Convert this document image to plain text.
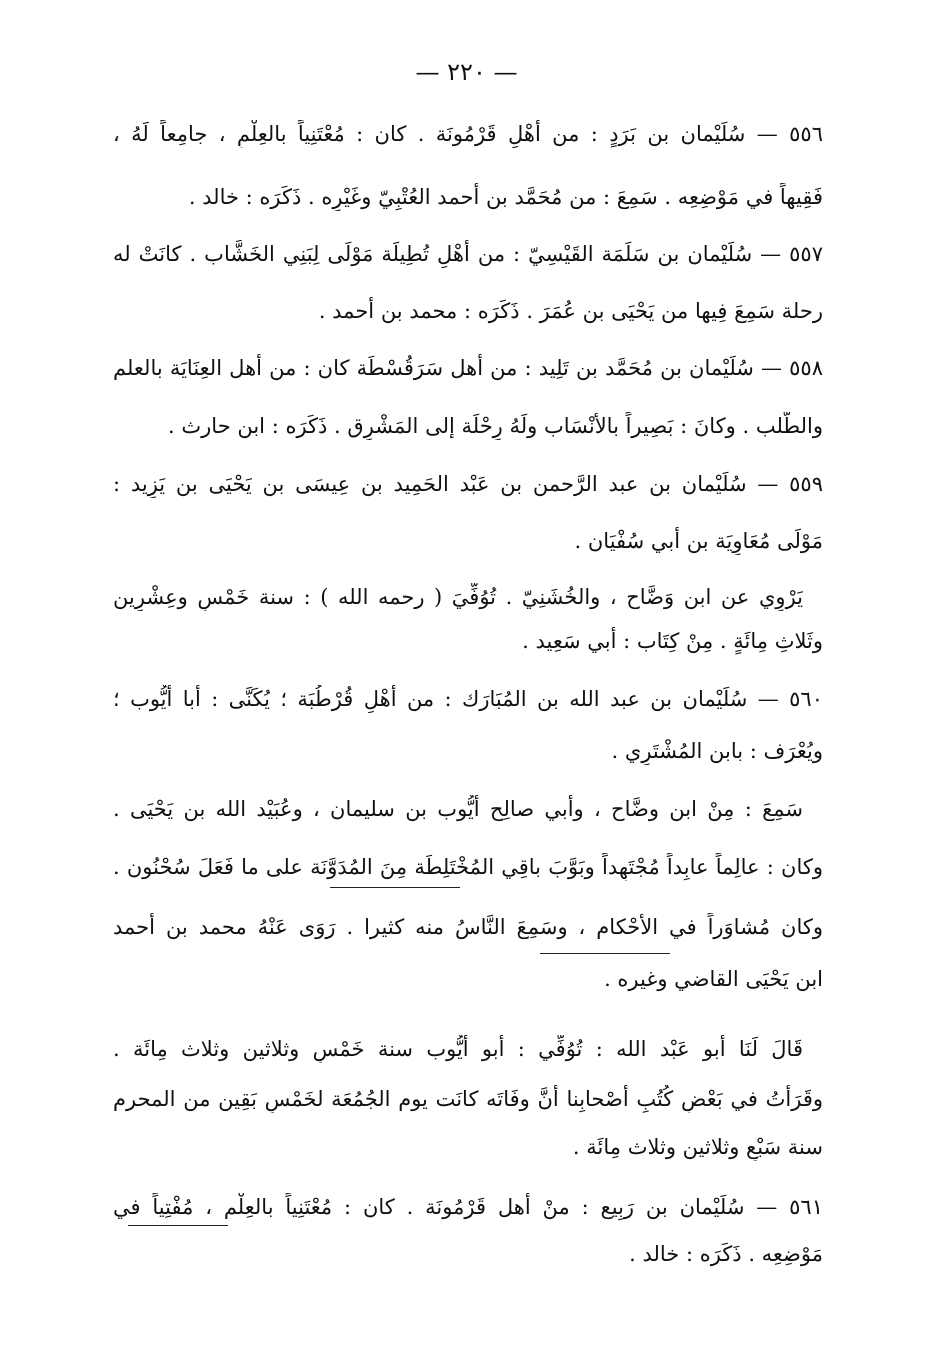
— ٢٢٠ —
٥٥٦ — سُلَيْمان بن بَرَدٍ : من أَهْلِ قَرْمُونَة . كان : مُعْتَنِياً بالعِلْمِ ، جامِعاً لَهُ ،
فَقِيهاً في مَوْضِعِه . سَمِعَ : من مُحَمَّد بن أحمد العُتْبِيّ وغَيْرِه . ذَكَرَه : خالد .
٥٥٧ — سُلَيْمان بن سَلَمَة القَيْسِيّ : من أَهْلِ تُطِيلَة مَوْلَى لِبَنِي الخَشَّاب . كانَتْ له
رحلة سَمِعَ فِيها من يَحْيَى بن عُمَرَ . ذَكَرَه : محمد بن أحمد .
٥٥٨ — سُلَيْمان بن مُحَمَّد بن تَلِيد : من أهل سَرَقُسْطَة كان : من أهل العِنَايَة بالعلم
والطَّلب . وكانَ : بَصِيراً بالأَنْسَاب ولَهُ رِحْلَة إلى المَشْرِق . ذَكَرَه : ابن حارث .
٥٥٩ — سُلَيْمان بن عبد الرَّحمن بن عَبْد الحَمِيد بن عِيسَى بن يَحْيَى بن يَزِيد :
مَوْلَى مُعَاوِيَة بن أبي سُفْيَان .
يَرْوِي عن ابن وَضَّاح ، والخُشَنِيّ . تُوُفِّيَ ( رحمه الله ) : سنة خَمْسٍ وعِشْرِين
وثَلاثِ مِائَةٍ . مِنْ كِتَاب : أبي سَعِيد .
٥٦٠ — سُلَيْمان بن عبد الله بن المُبَارَك : من أَهْلِ قُرْطُبَة ؛ يُكَنَّى : أبا أيُّوب ؛
ويُعْرَف : بابن المُشْتَرِي .
سَمِعَ : مِنْ ابن وضَّاح ، وأبي صالِح أيُّوب بن سليمان ، وعُبَيْد الله بن يَحْيَى .
وكان : عالِماً عابِداً مُجْتَهِداً وبَوَّبَ باقِي المُخْتَلِطَة مِنَ المُدَوَّنَة على ما فَعَلَ سُحْنُون .
وكان مُشاوَراً في الأحْكام ، وسَمِعَ النَّاسُ منه كثيرا . رَوَى عَنْهُ محمد بن أحمد
ابن يَحْيَى القاضي وغيره .
قَالَ لَنَا أبو عَبْد الله : تُوُفِّي : أبو أيُّوب سنة خَمْسٍ وثلاثين وثلاث مِائَة .
وقَرَأْتُ في بَعْضِ كُتُبِ أصْحابِنا أنَّ وفَاتَه كانَت يوم الجُمُعَة لخَمْسٍ بَقِين من المحرم
سنة سَبْعٍ وثلاثين وثلاث مِائَة .
٥٦١ — سُلَيْمان بن رَبِيع : منْ أهل قَرْمُونَة . كان : مُعْتَنِياً بالعِلْم ، مُفْتِياً في
مَوْضِعِه . ذَكَرَه : خالد .
